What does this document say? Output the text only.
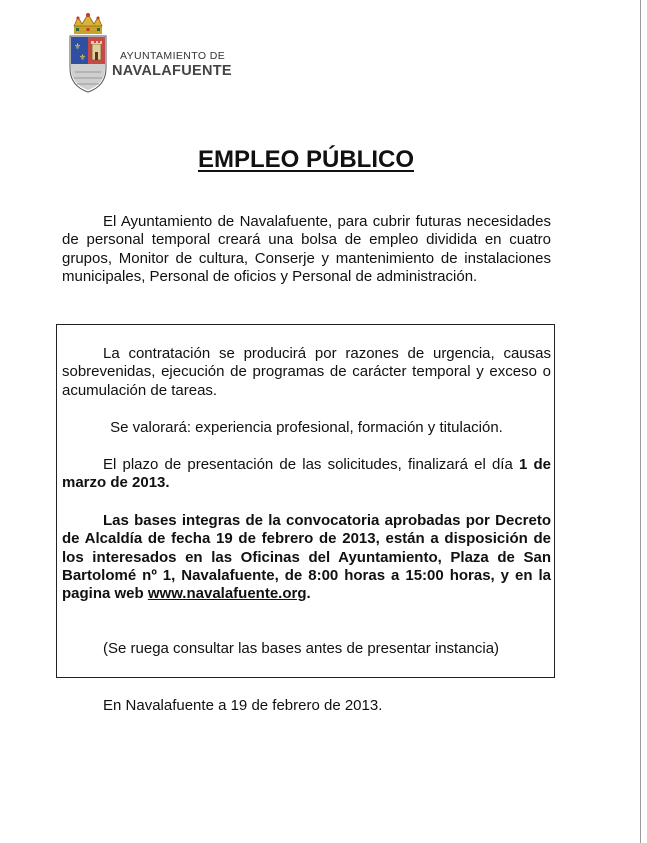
⚜
⚜	AYUNTAMIENTO DE
NAVALAFUENTE
EMPLEO PÚBLICO

El Ayuntamiento de Navalafuente, para cubrir futuras necesidades de personal temporal creará una bolsa de empleo dividida en cuatro grupos, Monitor de cultura, Conserje y mantenimiento de instalaciones municipales, Personal de oficios y Personal de administración.

La contratación se producirá por razones de urgencia, causas sobrevenidas, ejecución de programas de carácter temporal y exceso o acumulación de tareas.

Se valorará: experiencia profesional, formación y titulación.

El plazo de presentación de las solicitudes, finalizará el día 1 de marzo de 2013.

Las bases integras de la convocatoria aprobadas por Decreto de Alcaldía de fecha 19 de febrero de 2013, están a disposición de los interesados en las Oficinas del Ayuntamiento, Plaza de San Bartolomé nº 1, Navalafuente, de 8:00 horas a 15:00 horas, y en la pagina web www.navalafuente.org.

(Se ruega consultar las bases antes de presentar instancia)

En Navalafuente a 19 de febrero de 2013.
